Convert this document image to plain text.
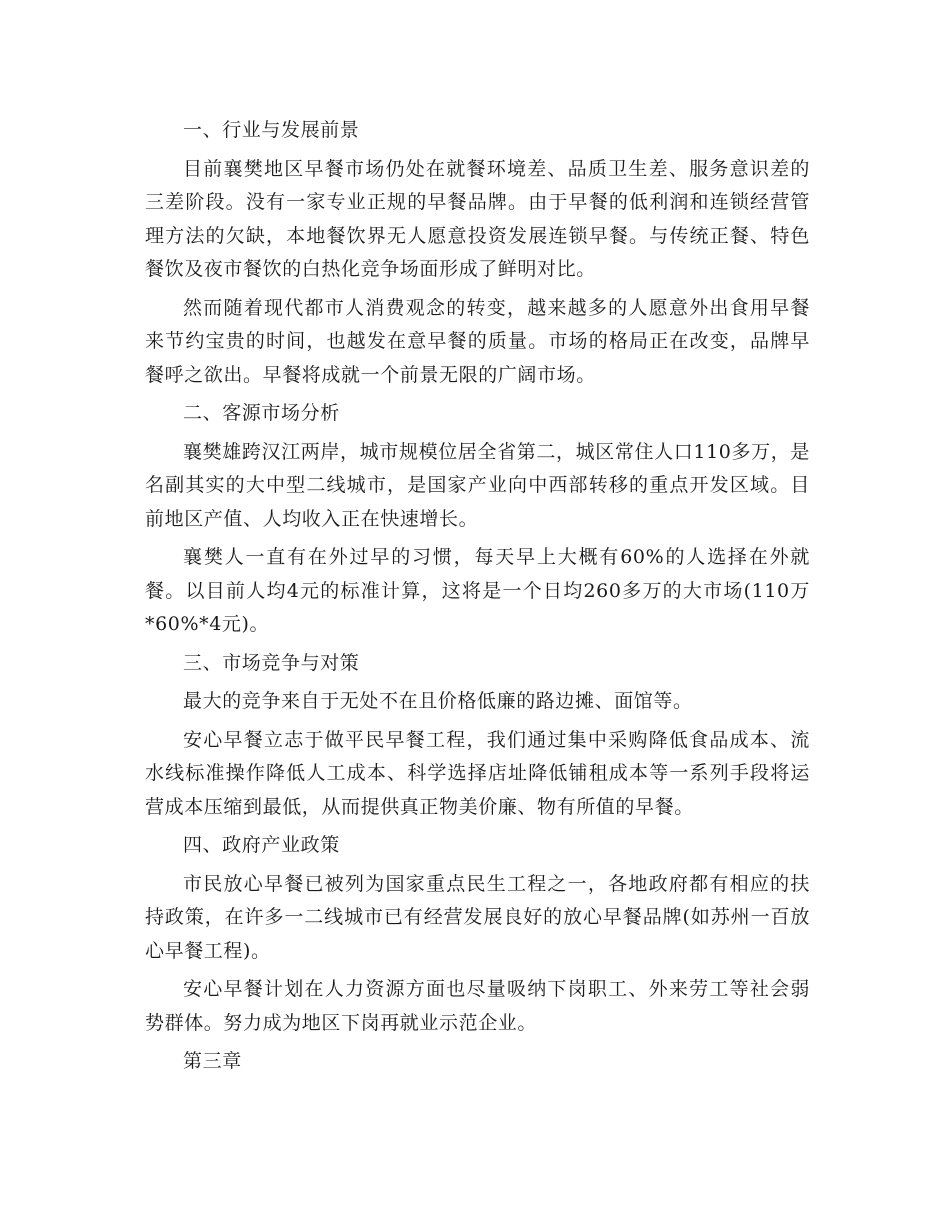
一、行业与发展前景

目前襄樊地区早餐市场仍处在就餐环境差、品质卫生差、服务意识差的三差阶段。没有一家专业正规的早餐品牌。由于早餐的低利润和连锁经营管理方法的欠缺，本地餐饮界无人愿意投资发展连锁早餐。与传统正餐、特色餐饮及夜市餐饮的白热化竞争场面形成了鲜明对比。

然而随着现代都市人消费观念的转变，越来越多的人愿意外出食用早餐来节约宝贵的时间，也越发在意早餐的质量。市场的格局正在改变，品牌早餐呼之欲出。早餐将成就一个前景无限的广阔市场。

二、客源市场分析

襄樊雄跨汉江两岸，城市规模位居全省第二，城区常住人口110多万，是名副其实的大中型二线城市，是国家产业向中西部转移的重点开发区域。目前地区产值、人均收入正在快速增长。

襄樊人一直有在外过早的习惯，每天早上大概有60%的人选择在外就餐。以目前人均4元的标准计算，这将是一个日均260多万的大市场(110万*60%*4元)。

三、市场竞争与对策

最大的竞争来自于无处不在且价格低廉的路边摊、面馆等。

安心早餐立志于做平民早餐工程，我们通过集中采购降低食品成本、流水线标准操作降低人工成本、科学选择店址降低铺租成本等一系列手段将运营成本压缩到最低，从而提供真正物美价廉、物有所值的早餐。

四、政府产业政策

市民放心早餐已被列为国家重点民生工程之一，各地政府都有相应的扶持政策，在许多一二线城市已有经营发展良好的放心早餐品牌(如苏州一百放心早餐工程)。

安心早餐计划在人力资源方面也尽量吸纳下岗职工、外来劳工等社会弱势群体。努力成为地区下岗再就业示范企业。

第三章
